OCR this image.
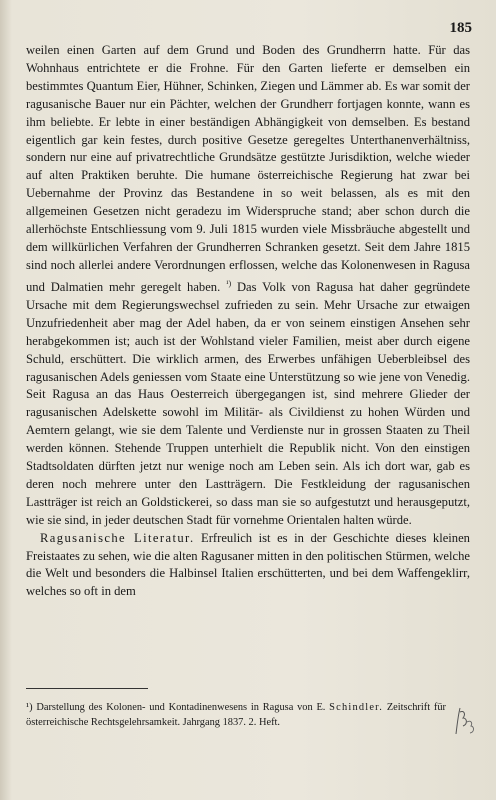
185

weilen einen Garten auf dem Grund und Boden des Grundherrn hatte. Für das Wohnhaus entrichtete er die Frohne. Für den Garten lieferte er demselben ein bestimmtes Quantum Eier, Hühner, Schinken, Ziegen und Lämmer ab. Es war somit der ragusanische Bauer nur ein Pächter, welchen der Grundherr fortjagen konnte, wann es ihm beliebte. Er lebte in einer beständigen Abhängigkeit von demselben. Es bestand eigentlich gar kein festes, durch positive Gesetze geregeltes Unterthanenverhältniss, sondern nur eine auf privatrechtliche Grundsätze gestützte Jurisdiktion, welche wieder auf alten Praktiken beruhte. Die humane österreichische Regierung hat zwar bei Uebernahme der Provinz das Bestandene in so weit belassen, als es mit den allgemeinen Gesetzen nicht geradezu im Widerspruche stand; aber schon durch die allerhöchste Entschliessung vom 9. Juli 1815 wurden viele Missbräuche abgestellt und dem willkürlichen Verfahren der Grundherren Schranken gesetzt. Seit dem Jahre 1815 sind noch allerlei andere Verordnungen erflossen, welche das Kolonenwesen in Ragusa und Dalmatien mehr geregelt haben. $^{^1)}$ Das Volk von Ragusa hat daher gegründete Ursache mit dem Regierungswechsel zufrieden zu sein. Mehr Ursache zur etwaigen Unzufriedenheit aber mag der Adel haben, da er von seinem einstigen Ansehen sehr herabgekommen ist; auch ist der Wohlstand vieler Familien, meist aber durch eigene Schuld, erschüttert. Die wirklich armen, des Erwerbes unfähigen Ueberbleibsel des ragusanischen Adels geniessen vom Staate eine Unterstützung so wie jene von Venedig. Seit Ragusa an das Haus Oesterreich übergegangen ist, sind mehrere Glieder der ragusanischen Adelskette sowohl im Militär- als Civildienst zu hohen Würden und Aemtern gelangt, wie sie dem Talente und Verdienste nur in grossen Staaten zu Theil werden können. Stehende Truppen unterhielt die Republik nicht. Von den einstigen Stadtsoldaten dürften jetzt nur wenige noch am Leben sein. Als ich dort war, gab es deren noch mehrere unter den Lastträgern. Die Festkleidung der ragusanischen Lastträger ist reich an Goldstickerei, so dass man sie so aufgestutzt und herausgeputzt, wie sie sind, in jeder deutschen Stadt für vornehme Orientalen halten würde.

Ragusanische Literatur. Erfreulich ist es in der Geschichte dieses kleinen Freistaates zu sehen, wie die alten Ragusaner mitten in den politischen Stürmen, welche die Welt und besonders die Halbinsel Italien erschütterten, und bei dem Waffengeklirr, welches so oft in dem

¹) Darstellung des Kolonen- und Kontadinenwesens in Ragusa von E. Schindler. Zeitschrift für österreichische Rechtsgelehrsamkeit. Jahrgang 1837. 2. Heft.
